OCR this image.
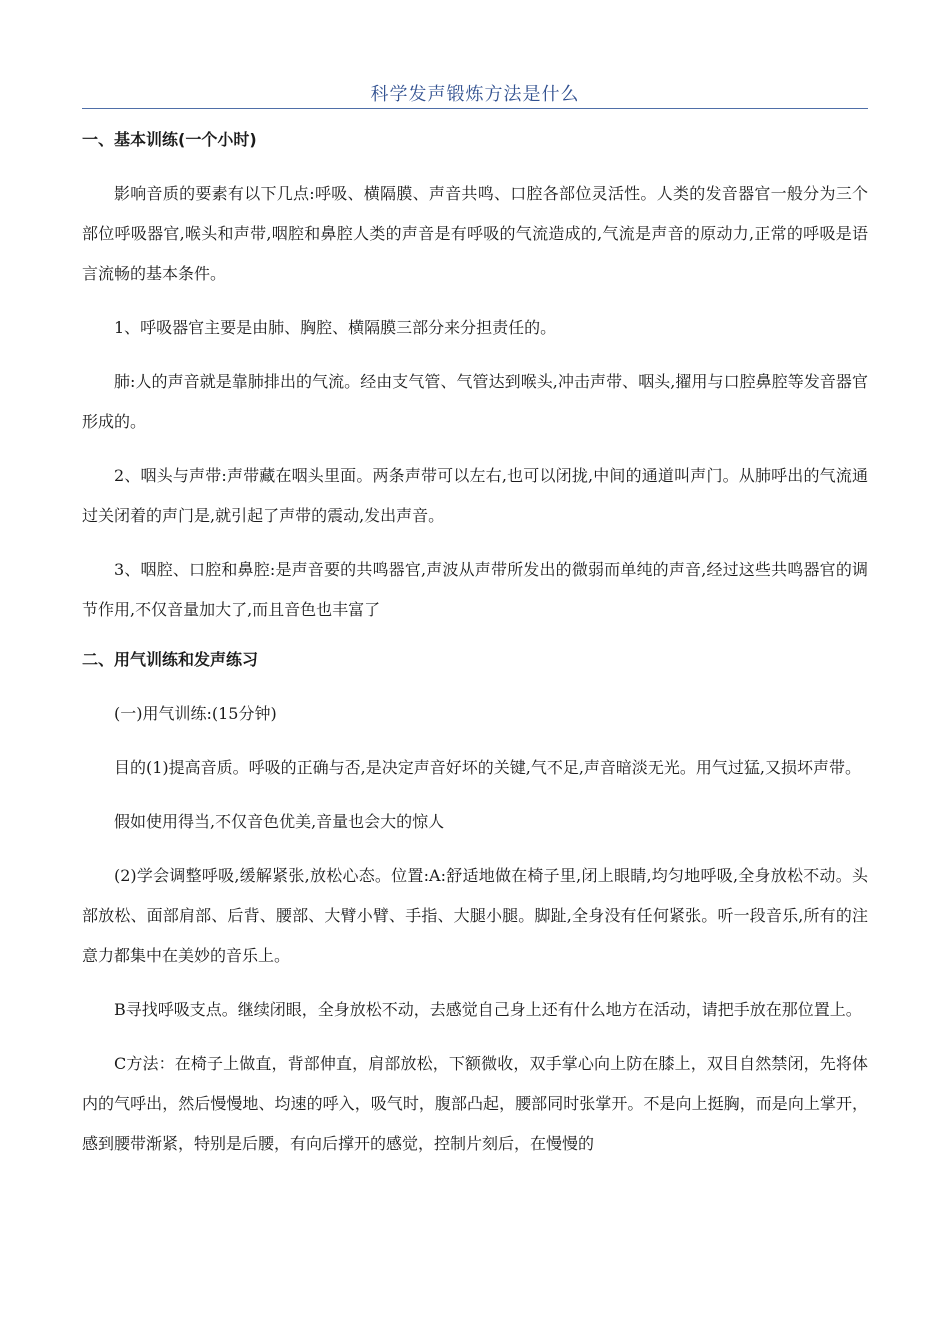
科学发声锻炼方法是什么
一、基本训练(一个小时)

影响音质的要素有以下几点:呼吸、横隔膜、声音共鸣、口腔各部位灵活性。人类的发音器官一般分为三个部位呼吸器官,喉头和声带,咽腔和鼻腔人类的声音是有呼吸的气流造成的,气流是声音的原动力,正常的呼吸是语言流畅的基本条件。

1、呼吸器官主要是由肺、胸腔、横隔膜三部分来分担责任的。

肺:人的声音就是靠肺排出的气流。经由支气管、气管达到喉头,冲击声带、咽头,擢用与口腔鼻腔等发音器官形成的。

2、咽头与声带:声带藏在咽头里面。两条声带可以左右,也可以闭拢,中间的通道叫声门。从肺呼出的气流通过关闭着的声门是,就引起了声带的震动,发出声音。

3、咽腔、口腔和鼻腔:是声音要的共鸣器官,声波从声带所发出的微弱而单纯的声音,经过这些共鸣器官的调节作用,不仅音量加大了,而且音色也丰富了

二、用气训练和发声练习

(一)用气训练:(15分钟)

目的(1)提高音质。呼吸的正确与否,是决定声音好坏的关键,气不足,声音暗淡无光。用气过猛,又损坏声带。

假如使用得当,不仅音色优美,音量也会大的惊人

(2)学会调整呼吸,缓解紧张,放松心态。位置:A:舒适地做在椅子里,闭上眼睛,均匀地呼吸,全身放松不动。头部放松、面部肩部、后背、腰部、大臂小臂、手指、大腿小腿。脚趾,全身没有任何紧张。听一段音乐,所有的注意力都集中在美妙的音乐上。

B寻找呼吸支点。继续闭眼，全身放松不动，去感觉自己身上还有什么地方在活动，请把手放在那位置上。

C方法：在椅子上做直，背部伸直，肩部放松，下额微收，双手掌心向上防在膝上，双目自然禁闭，先将体内的气呼出，然后慢慢地、均速的呼入，吸气时，腹部凸起，腰部同时张掌开。不是向上挺胸，而是向上掌开，感到腰带渐紧，特别是后腰，有向后撑开的感觉，控制片刻后，在慢慢的
